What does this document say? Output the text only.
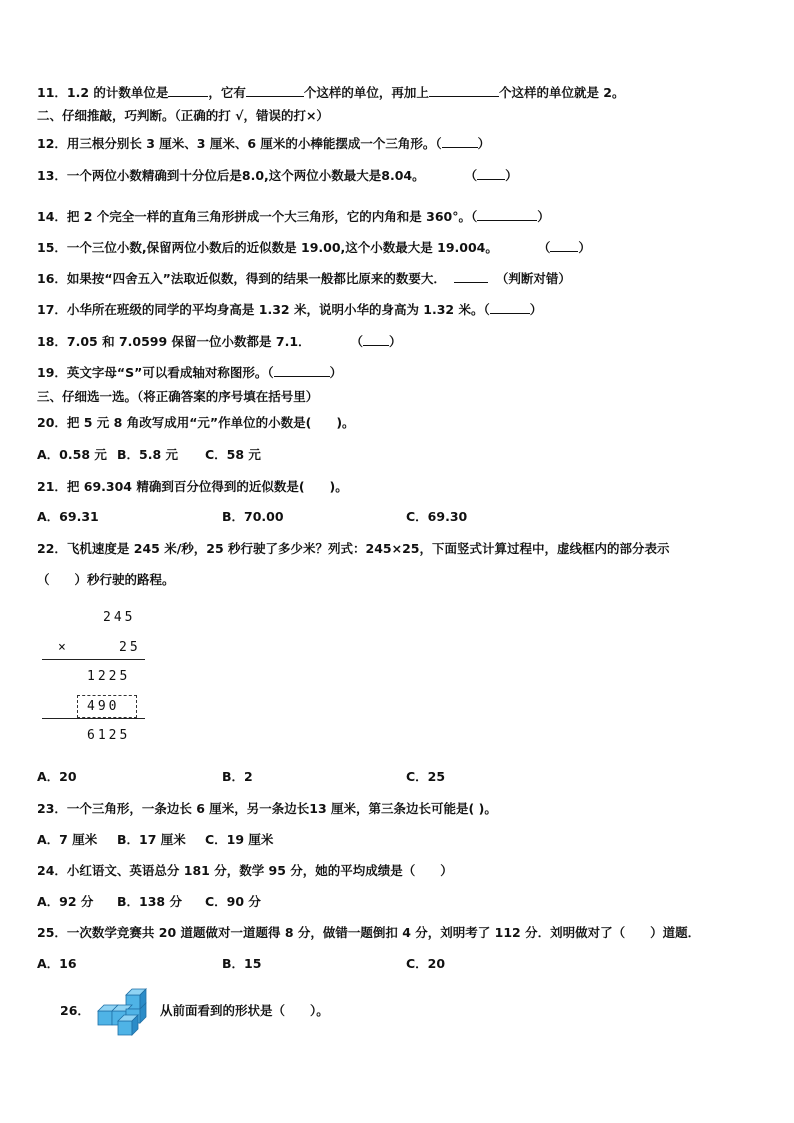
11．1.2 的计数单位是	，它有	个这样的单位，再加上	个这样的单位就是 2。
二、仔细推敲，巧判断。（正确的打 √，错误的打×）
12．用三根分别长 3 厘米、3 厘米、6 厘米的小棒能摆成一个三角形。（	）
13．一个两位小数精确到十分位后是8.0,这个两位小数最大是8.04。	（ ）
14．把 2 个完全一样的直角三角形拼成一个大三角形，它的内角和是 360°。（	）
15．一个三位小数,保留两位小数后的近似数是 19.00,这个小数最大是 19.004。	（ ）
16．如果按“四舍五入”法取近似数，得到的结果一般都比原来的数要大．	（判断对错）
17．小华所在班级的同学的平均身高是 1.32 米，说明小华的身高为 1.32 米。（	）
18．7.05 和 7.0599 保留一位小数都是 7.1．	（ ）
19．英文字母“S”可以看成轴对称图形。（	）
三、仔细选一选。（将正确答案的序号填在括号里）
20．把 5 元 8 角改写成用“元”作单位的小数是(　　)。
A．0.58 元 B．5.8 元 C．58 元
21．把 69.304 精确到百分位得到的近似数是(　　)。
A．69.31	B．70.00	C．69.30
22．飞机速度是 245 米/秒，25 秒行驶了多少米？列式：245×25，下面竖式计算过程中，虚线框内的部分表示
（　　）秒行驶的路程。
245
×	25
1225
490
6125
A．20	B．2	C．25
23．一个三角形，一条边长 6 厘米，另一条边长13 厘米，第三条边长可能是( )。
A．7 厘米 B．17 厘米 C．19 厘米
24．小红语文、英语总分 181 分，数学 95 分，她的平均成绩是（　　）
A．92 分 B．138 分 C．90 分
25．一次数学竞赛共 20 道题做对一道题得 8 分，做错一题倒扣 4 分，刘明考了 112 分．刘明做对了（　　）道题．
A．16	B．15	C．20
26．	从前面看到的形状是（　　）。
